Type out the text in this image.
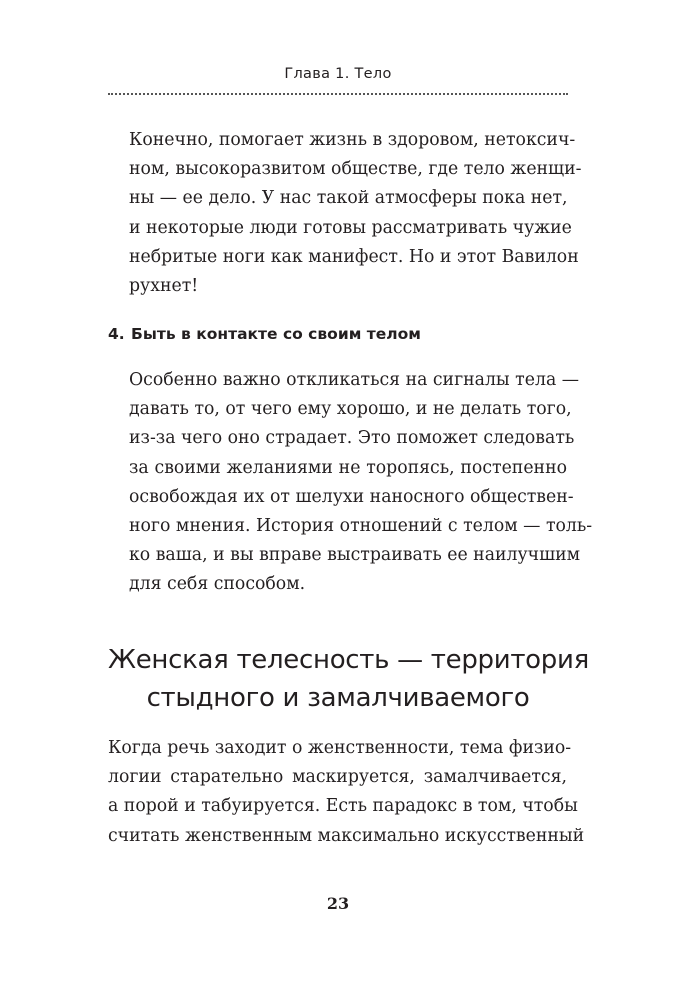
Глава 1. Тело
Конечно, помогает жизнь в здоровом, нетоксич-
ном, высокоразвитом обществе, где тело женщи-
ны — ее дело. У нас такой атмосферы пока нет,
и некоторые люди готовы рассматривать чужие
небритые ноги как манифест. Но и этот Вавилон
рухнет!
4. Быть в контакте со своим телом
Особенно важно откликаться на сигналы тела —
давать то, от чего ему хорошо, и не делать того,
из-за чего оно страдает. Это поможет следовать
за своими желаниями не торопясь, постепенно
освобождая их от шелухи наносного обществен-
ного мнения. История отношений с телом — толь-
ко ваша, и вы вправе выстраивать ее наилучшим
для себя способом.
Женская телесность — территория
стыдного и замалчиваемого
Когда речь заходит о женственности, тема физио-
логии старательно маскируется, замалчивается,
а порой и табуируется. Есть парадокс в том, чтобы
считать женственным максимально искусственный
23
